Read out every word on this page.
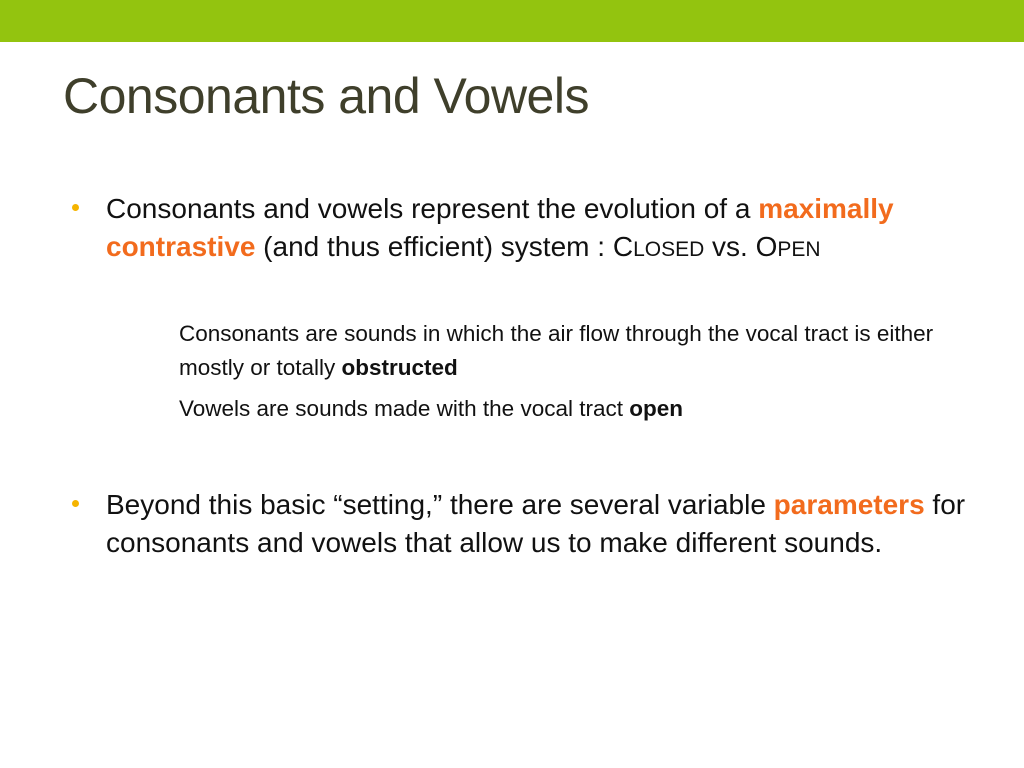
Consonants and Vowels
Consonants and vowels represent the evolution of a maximally contrastive (and thus efficient) system : CLOSED vs. OPEN
Consonants are sounds in which the air flow through the vocal tract is either mostly or totally obstructed
Vowels are sounds made with the vocal tract open
Beyond this basic “setting,” there are several variable parameters for consonants and vowels that allow us to make different sounds.
